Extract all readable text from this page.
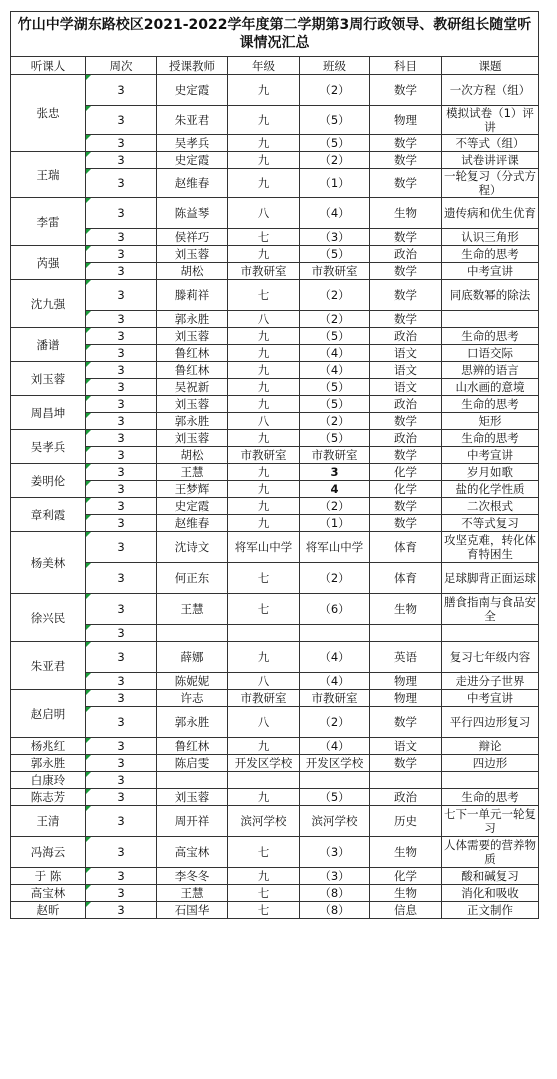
竹山中学湖东路校区2021-2022学年度第二学期第3周行政领导、教研组长随堂听课情况汇总						
听课人	周次	授课教师	年级	班级	科目	课题
张忠	3	史定霞	九	（2）	数学	一次方程（组）
	3	朱亚君	九	（5）	物理	模拟试卷（1）评讲
	3	吴孝兵	九	（5）	数学	不等式（组）
王瑞	3	史定霞	九	（2）	数学	试卷讲评课
	3	赵维春	九	（1）	数学	一轮复习（分式方程）
李雷	3	陈益琴	八	（4）	生物	遗传病和优生优育
	3	侯祥巧	七	（3）	数学	认识三角形
芮强	3	刘玉蓉	九	（5）	政治	生命的思考
	3	胡松	市教研室	市教研室	数学	中考宣讲
沈九强	3	滕莉祥	七	（2）	数学	同底数幂的除法
	3	郭永胜	八	（2）	数学	
潘谱	3	刘玉蓉	九	（5）	政治	生命的思考
	3	鲁红林	九	（4）	语文	口语交际
刘玉蓉	3	鲁红林	九	（4）	语文	思辨的语言
	3	吴祝新	九	（5）	语文	山水画的意境
周昌坤	3	刘玉蓉	九	（5）	政治	生命的思考
	3	郭永胜	八	（2）	数学	矩形
吴孝兵	3	刘玉蓉	九	（5）	政治	生命的思考
	3	胡松	市教研室	市教研室	数学	中考宣讲
姜明伦	3	王慧	九	3	化学	岁月如歌
	3	王梦辉	九	4	化学	盐的化学性质
章利霞	3	史定霞	九	（2）	数学	二次根式
	3	赵维春	九	（1）	数学	不等式复习
杨美林	3	沈诗文	将军山中学	将军山中学	体育	攻坚克难，转化体育特困生
	3	何正东	七	（2）	体育	足球脚背正面运球
徐兴民	3	王慧	七	（6）	生物	膳食指南与食品安全
	3					
朱亚君	3	薛娜	九	（4）	英语	复习七年级内容
	3	陈妮妮	八	（4）	物理	走进分子世界
赵启明	3	许志	市教研室	市教研室	物理	中考宣讲
	3	郭永胜	八	（2）	数学	平行四边形复习
杨兆红	3	鲁红林	九	（4）	语文	辩论
郭永胜	3	陈启雯	开发区学校	开发区学校	数学	四边形
白康玲	3					
陈志芳	3	刘玉蓉	九	（5）	政治	生命的思考
王清	3	周开祥	滨河学校	滨河学校	历史	七下一单元一轮复习
冯海云	3	高宝林	七	（3）	生物	人体需要的营养物质
于 陈	3	李冬冬	九	（3）	化学	酸和碱复习
高宝林	3	王慧	七	（8）	生物	消化和吸收
赵昕	3	石国华	七	（8）	信息	正文制作
